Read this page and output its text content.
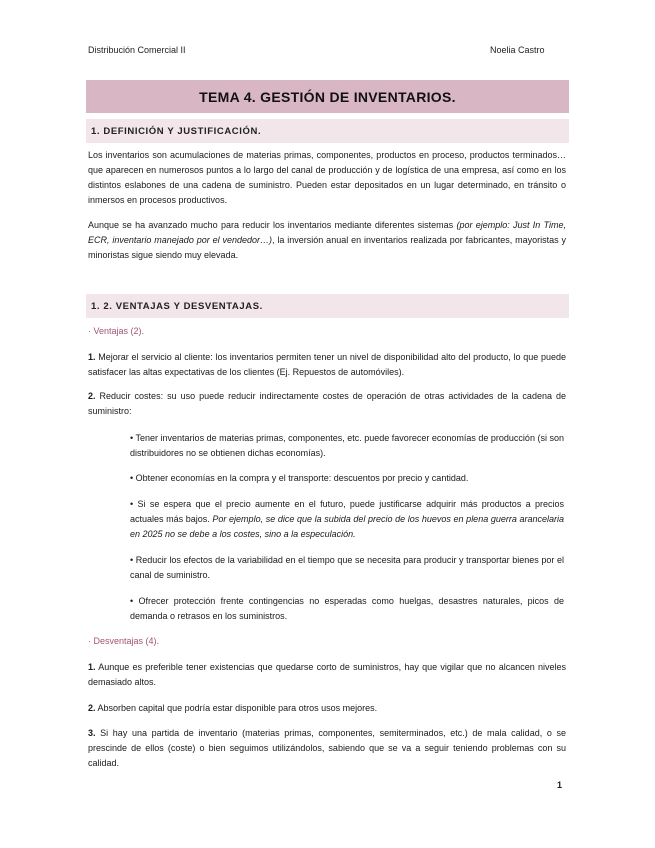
Distribución Comercial II	Noelia Castro
TEMA 4. GESTIÓN DE INVENTARIOS.
1. DEFINICIÓN Y JUSTIFICACIÓN.
Los inventarios son acumulaciones de materias primas, componentes, productos en proceso, productos terminados… que aparecen en numerosos puntos a lo largo del canal de producción y de logística de una empresa, así como en los distintos eslabones de una cadena de suministro. Pueden estar depositados en un lugar determinado, en tránsito o inmersos en procesos productivos.
Aunque se ha avanzado mucho para reducir los inventarios mediante diferentes sistemas (por ejemplo: Just In Time, ECR, inventario manejado por el vendedor…), la inversión anual en inventarios realizada por fabricantes, mayoristas y minoristas sigue siendo muy elevada.
1. 2. VENTAJAS Y DESVENTAJAS.
· Ventajas (2).
1. Mejorar el servicio al cliente: los inventarios permiten tener un nivel de disponibilidad alto del producto, lo que puede satisfacer las altas expectativas de los clientes (Ej. Repuestos de automóviles).
2. Reducir costes: su uso puede reducir indirectamente costes de operación de otras actividades de la cadena de suministro:
• Tener inventarios de materias primas, componentes, etc. puede favorecer economías de producción (si son distribuidores no se obtienen dichas economías).
• Obtener economías en la compra y el transporte: descuentos por precio y cantidad.
• Si se espera que el precio aumente en el futuro, puede justificarse adquirir más productos a precios actuales más bajos. Por ejemplo, se dice que la subida del precio de los huevos en plena guerra arancelaria en 2025 no se debe a los costes, sino a la especulación.
• Reducir los efectos de la variabilidad en el tiempo que se necesita para producir y transportar bienes por el canal de suministro.
• Ofrecer protección frente contingencias no esperadas como huelgas, desastres naturales, picos de demanda o retrasos en los suministros.
· Desventajas (4).
1. Aunque es preferible tener existencias que quedarse corto de suministros, hay que vigilar que no alcancen niveles demasiado altos.
2. Absorben capital que podría estar disponible para otros usos mejores.
3. Si hay una partida de inventario (materias primas, componentes, semiterminados, etc.) de mala calidad, o se prescinde de ellos (coste) o bien seguimos utilizándolos, sabiendo que se va a seguir teniendo problemas con su calidad.
1
